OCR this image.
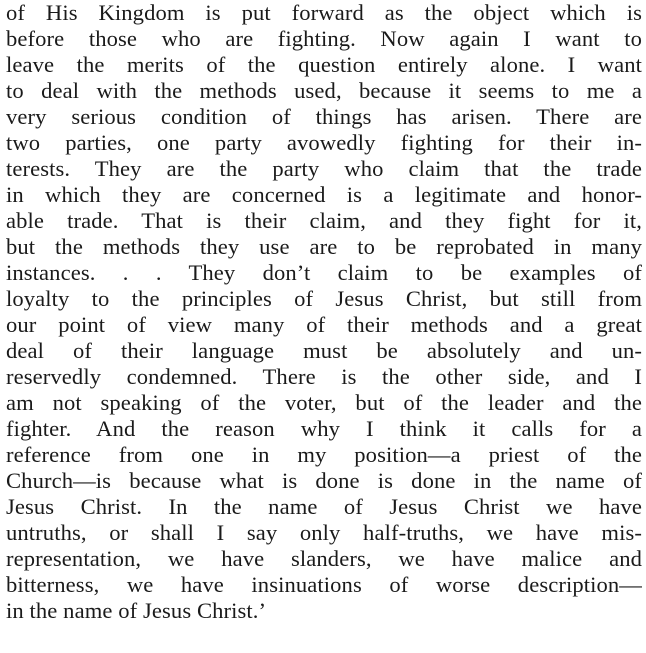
of His Kingdom is put forward as the object which is
before those who are fighting. Now again I want to
leave the merits of the question entirely alone. I want
to deal with the methods used, because it seems to me a
very serious condition of things has arisen. There are
two parties, one party avowedly fighting for their in-
terests. They are the party who claim that the trade
in which they are concerned is a legitimate and honor-
able trade. That is their claim, and they fight for it,
but the methods they use are to be reprobated in many
instances. . . They don’t claim to be examples of
loyalty to the principles of Jesus Christ, but still from
our point of view many of their methods and a great
deal of their language must be absolutely and un-
reservedly condemned. There is the other side, and I
am not speaking of the voter, but of the leader and the
fighter. And the reason why I think it calls for a
reference from one in my position—a priest of the
Church—is because what is done is done in the name of
Jesus Christ. In the name of Jesus Christ we have
untruths, or shall I say only half-truths, we have mis-
representation, we have slanders, we have malice and
bitterness, we have insinuations of worse description—
in the name of Jesus Christ.’
